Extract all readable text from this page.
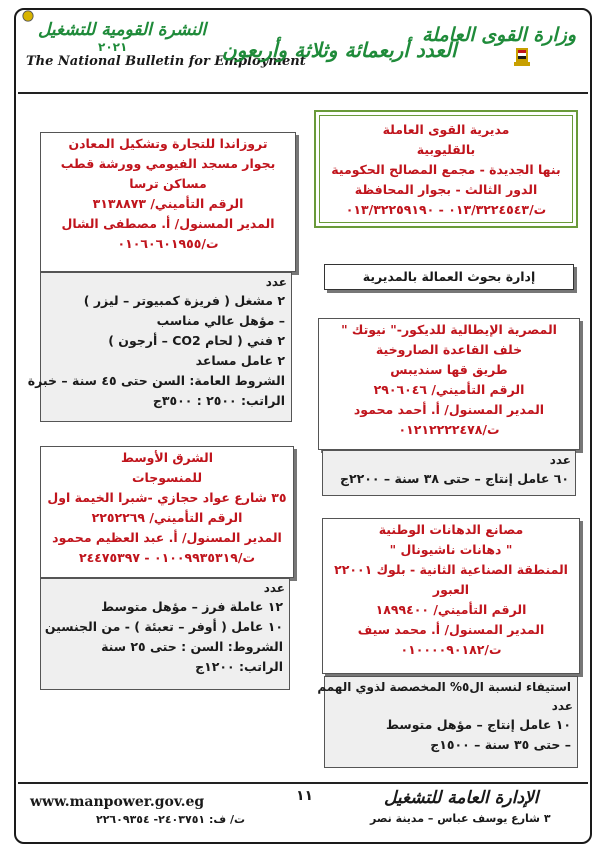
النشرة القومية للتشغيل
٢٠٢١
The National Bulletin for Employment
العدد أربعمائة وثلاثة وأربعون
وزارة القوى العاملة
مديرية القوى العاملة
بالقليوبية
بنها الجديدة - مجمع المصالح الحكومية
الدور الثالث - بجوار المحافظة
ت/٠١٣/٣٢٢٤٥٤٣ - ٠١٣/٣٢٢٥٩١٩٠
إدارة بحوث العمالة بالمديرية
تروزاندا للتجارة وتشكيل المعادن
بجوار مسجد الفيومي وورشة قطب
مساكن ترسا
الرقم التأميني/ ٣١٣٨٨٧٣
المدير المسنول/ أ. مصطفى الشال
ت/٠١٠٦٠٦٠١٩٥٥
عدد
٢ مشغل ( فريزة كمبيوتر – ليزر )
– مؤهل عالي مناسب
٢ فني ( لحام CO2 – أرجون )
٢ عامل مساعد
الشروط العامة: السن حتى ٤٥ سنة – خبرة
الراتب: ٢٥٠٠ : ٣٥٠٠ج
المصرية الإيطالية للديكور-" نيوتك "
خلف القاعدة الصاروخية
طريق قها سنديبس
الرقم التأميني/ ٢٩٠٦٠٤٦
المدير المسنول/ أ. أحمد محمود
ت/٠١٢١٢٢٢٢٤٧٨
عدد
٦٠ عامل إنتاج – حتى ٣٨ سنة – ٢٢٠٠ج
الشرق الأوسط
للمنسوجات
٣٥ شارع عواد حجازي -شبرا الخيمة اول
الرقم التأميني/ ٢٢٥٢٢٦٩
المدير المسنول/ أ. عبد العظيم محمود
ت/٠١٠٠٩٩٣٥٣١٩ - ٢٤٤٧٥٣٩٧
عدد
١٢ عاملة فرز – مؤهل متوسط
١٠ عامل ( أوفر – تعبئة ) - من الجنسين
الشروط: السن : حتى ٢٥ سنة
الراتب: ١٢٠٠ج
مصانع الدهانات الوطنية
" دهانات ناشيونال "
المنطقة الصناعية الثانية - بلوك ٢٢٠٠١
العبور
الرقم التأميني/ ١٨٩٩٤٠٠
المدير المسنول/ أ. محمد سيف
ت/٠١٠٠٠٠٩٠١٨٢
استيفاء لنسبة ال٥% المخصصة لذوي الهمم
عدد
١٠ عامل إنتاج – مؤهل متوسط
– حتى ٣٥ سنة – ١٥٠٠ج
www.manpower.gov.eg	١١	الإدارة العامة للتشغيل
٣ شارع يوسف عباس – مدينة نصر
ت/ ف: ٢٤٠٣٧٥١- ٢٢٦٠٩٣٥٤
